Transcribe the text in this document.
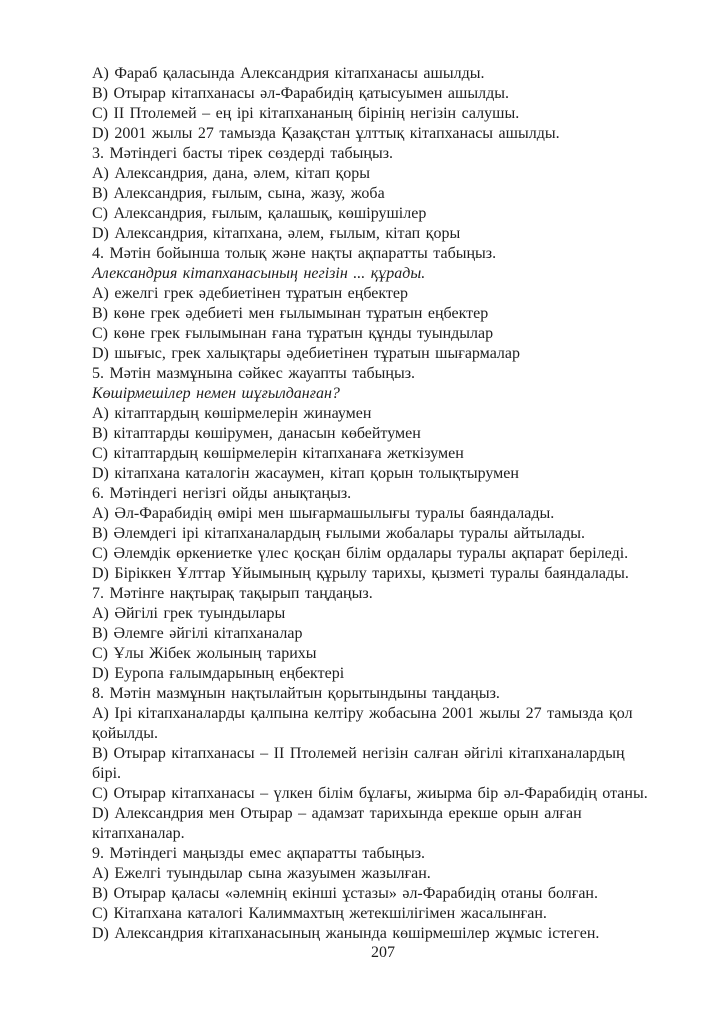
А) Фараб қаласында Александрия кітапханасы ашылды.
В) Отырар кітапханасы әл-Фарабидің қатысуымен ашылды.
С) ІІ Птолемей – ең ірі кітапхананың бірінің негізін салушы.
D) 2001 жылы 27 тамызда Қазақстан ұлттық кітапханасы ашылды.
3. Мәтіндегі басты тірек сөздерді табыңыз.
А) Александрия, дана, әлем, кітап қоры
В) Александрия, ғылым, сына, жазу, жоба
С) Александрия, ғылым, қалашық, көшірушілер
D) Александрия, кітапхана, әлем, ғылым, кітап қоры
4. Мәтін бойынша толық және нақты ақпаратты табыңыз.
Александрия кітапханасының негізін ... құрады.
А) ежелгі грек әдебиетінен тұратын еңбектер
В) көне грек әдебиеті мен ғылымынан тұратын еңбектер
С) көне грек ғылымынан ғана тұратын құнды туындылар
D) шығыс, грек халықтары әдебиетінен тұратын шығармалар
5. Мәтін мазмұнына сәйкес жауапты табыңыз.
Көшірмешілер немен шұғылданған?
А) кітаптардың көшірмелерін жинаумен
В) кітаптарды көшірумен, данасын көбейтумен
С) кітаптардың көшірмелерін кітапханаға жеткізумен
D) кітапхана каталогін жасаумен, кітап қорын толықтырумен
6. Мәтіндегі негізгі ойды анықтаңыз.
А) Әл-Фарабидің өмірі мен шығармашылығы туралы баяндалады.
В) Әлемдегі ірі кітапханалардың ғылыми жобалары туралы айтылады.
С) Әлемдік өркениетке үлес қосқан білім ордалары туралы ақпарат беріледі.
D) Біріккен Ұлттар Ұйымының құрылу тарихы, қызметі туралы баяндалады.
7. Мәтінге нақтырақ тақырып таңдаңыз.
А) Әйгілі грек туындылары
В) Әлемге әйгілі кітапханалар
С) Ұлы Жібек жолының тарихы
D) Еуропа ғалымдарының еңбектері
8. Мәтін мазмұнын нақтылайтын қорытындыны таңдаңыз.
А) Ірі кітапханаларды қалпына келтіру жобасына 2001 жылы 27 тамызда қол
қойылды.
В) Отырар кітапханасы – ІІ Птолемей негізін салған әйгілі кітапханалардың
бірі.
С) Отырар кітапханасы – үлкен білім бұлағы, жиырма бір әл-Фарабидің отаны.
D) Александрия мен Отырар – адамзат тарихында ерекше орын алған
кітапханалар.
9. Мәтіндегі маңызды емес ақпаратты табыңыз.
А) Ежелгі туындылар сына жазуымен жазылған.
В) Отырар қаласы «әлемнің екінші ұстазы» әл-Фарабидің отаны болған.
С) Кітапхана каталогі Калиммахтың жетекшілігімен жасалынған.
D) Александрия кітапханасының жанында көшірмешілер жұмыс істеген.
207
